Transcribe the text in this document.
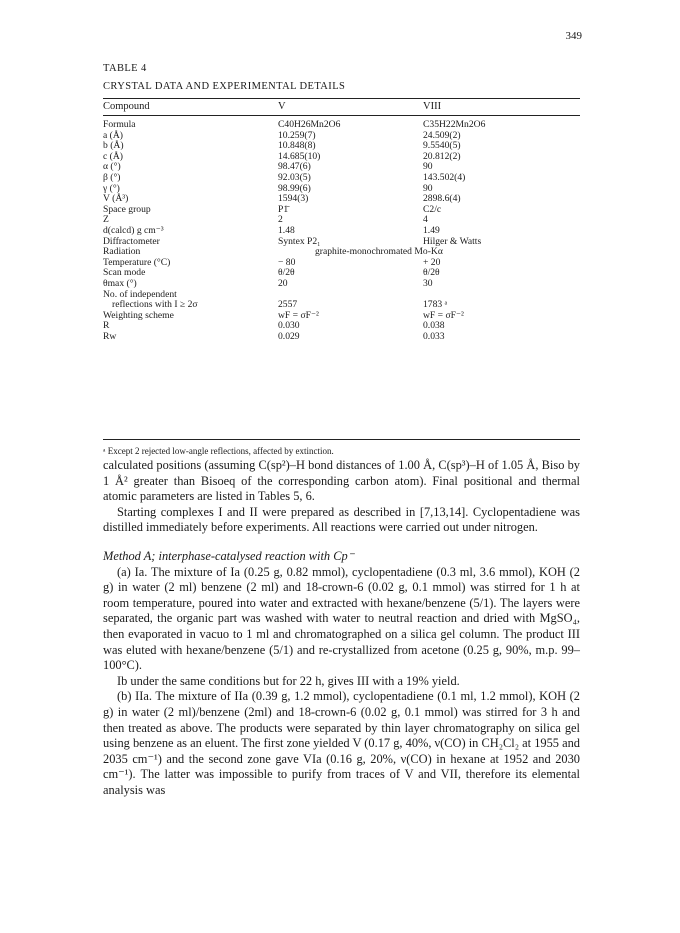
349
TABLE 4
CRYSTAL DATA AND EXPERIMENTAL DETAILS
Compound	V	VIII
Formula	C40H26Mn2O6	C35H22Mn2O6
a (Å)	10.259(7)	24.509(2)
b (Å)	10.848(8)	9.5540(5)
c (Å)	14.685(10)	20.812(2)
α (°)	98.47(6)	90
β (°)	92.03(5)	143.502(4)
γ (°)	98.99(6)	90
V (Å³)	1594(3)	2898.6(4)
Space group	P1̄	C2/c
Z	2	4
d(calcd) g cm⁻³	1.48	1.49
Diffractometer	Syntex P2₁	Hilger & Watts
Radiation	graphite-monochromated Mo-Kα
Temperature (°C)	− 80	+ 20
Scan mode	θ/2θ	θ/2θ
θmax (°)	20	30
No. of independent
reflections with I ≥ 2σ	2557	1783 ᵃ
Weighting scheme	wF = σF⁻²	wF = σF⁻²
R	0.030	0.038
Rw	0.029	0.033
ᵃ Except 2 rejected low-angle reflections, affected by extinction.

calculated positions (assuming C(sp²)–H bond distances of 1.00 Å, C(sp³)–H of 1.05 Å, Biso by 1 Å² greater than Bisoeq of the corresponding carbon atom). Final positional and thermal atomic parameters are listed in Tables 5, 6.

Starting complexes I and II were prepared as described in [7,13,14]. Cyclopentadiene was distilled immediately before experiments. All reactions were carried out under nitrogen.

Method A; interphase-catalysed reaction with Cp⁻

(a) Ia. The mixture of Ia (0.25 g, 0.82 mmol), cyclopentadiene (0.3 ml, 3.6 mmol), KOH (2 g) in water (2 ml) benzene (2 ml) and 18-crown-6 (0.02 g, 0.1 mmol) was stirred for 1 h at room temperature, poured into water and extracted with hexane/benzene (5/1). The layers were separated, the organic part was washed with water to neutral reaction and dried with MgSO₄, then evaporated in vacuo to 1 ml and chromatographed on a silica gel column. The product III was eluted with hexane/benzene (5/1) and re-crystallized from acetone (0.25 g, 90%, m.p. 99–100°C).

Ib under the same conditions but for 22 h, gives III with a 19% yield.

(b) IIa. The mixture of IIa (0.39 g, 1.2 mmol), cyclopentadiene (0.1 ml, 1.2 mmol), KOH (2 g) in water (2 ml)/benzene (2ml) and 18-crown-6 (0.02 g, 0.1 mmol) was stirred for 3 h and then treated as above. The products were separated by thin layer chromatography on silica gel using benzene as an eluent. The first zone yielded V (0.17 g, 40%, ν(CO) in CH₂Cl₂ at 1955 and 2035 cm⁻¹) and the second zone gave VIa (0.16 g, 20%, ν(CO) in hexane at 1952 and 2030 cm⁻¹). The latter was impossible to purify from traces of V and VII, therefore its elemental analysis was
